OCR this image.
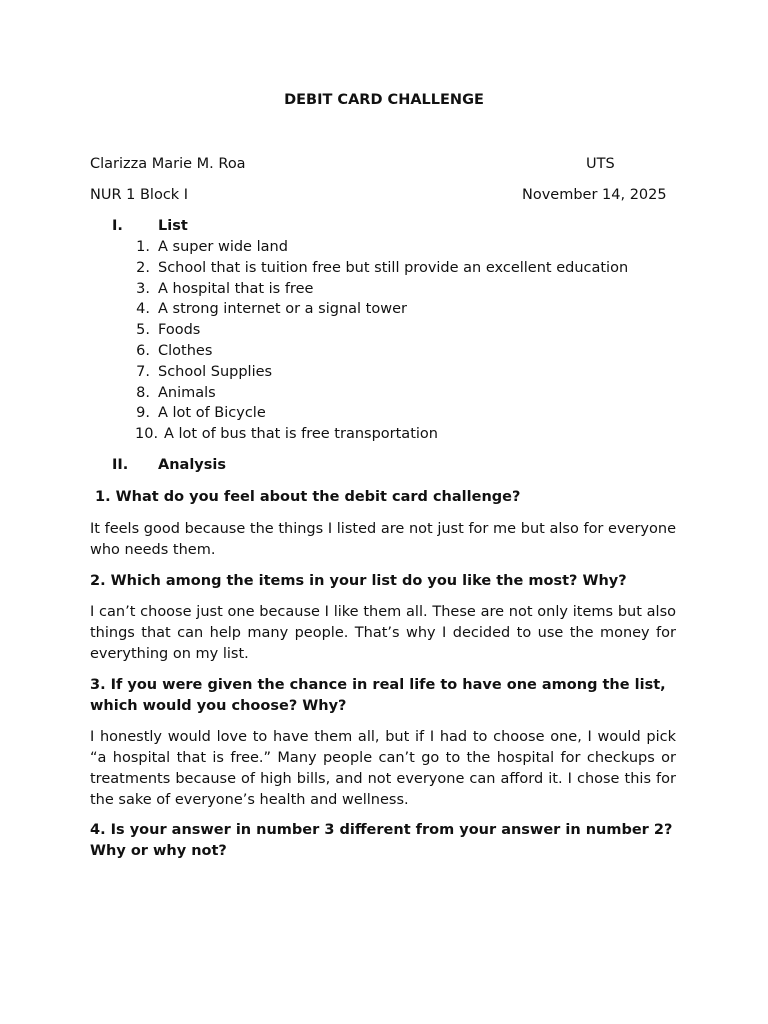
DEBIT CARD CHALLENGE
Clarizza Marie M. Roa	UTS
NUR 1 Block I	November 14, 2025
I. List
1. A super wide land
2. School that is tuition free but still provide an excellent education
3. A hospital that is free
4. A strong internet or a signal tower
5. Foods
6. Clothes
7. School Supplies
8. Animals
9. A lot of Bicycle
10. A lot of bus that is free transportation
II. Analysis
1. What do you feel about the debit card challenge?
It feels good because the things I listed are not just for me but also for everyone who needs them.
2. Which among the items in your list do you like the most? Why?
I can’t choose just one because I like them all. These are not only items but also things that can help many people. That’s why I decided to use the money for everything on my list.
3. If you were given the chance in real life to have one among the list, which would you choose? Why?
I honestly would love to have them all, but if I had to choose one, I would pick “a hospital that is free.” Many people can’t go to the hospital for checkups or treatments because of high bills, and not everyone can afford it. I chose this for the sake of everyone’s health and wellness.
4. Is your answer in number 3 different from your answer in number 2? Why or why not?
